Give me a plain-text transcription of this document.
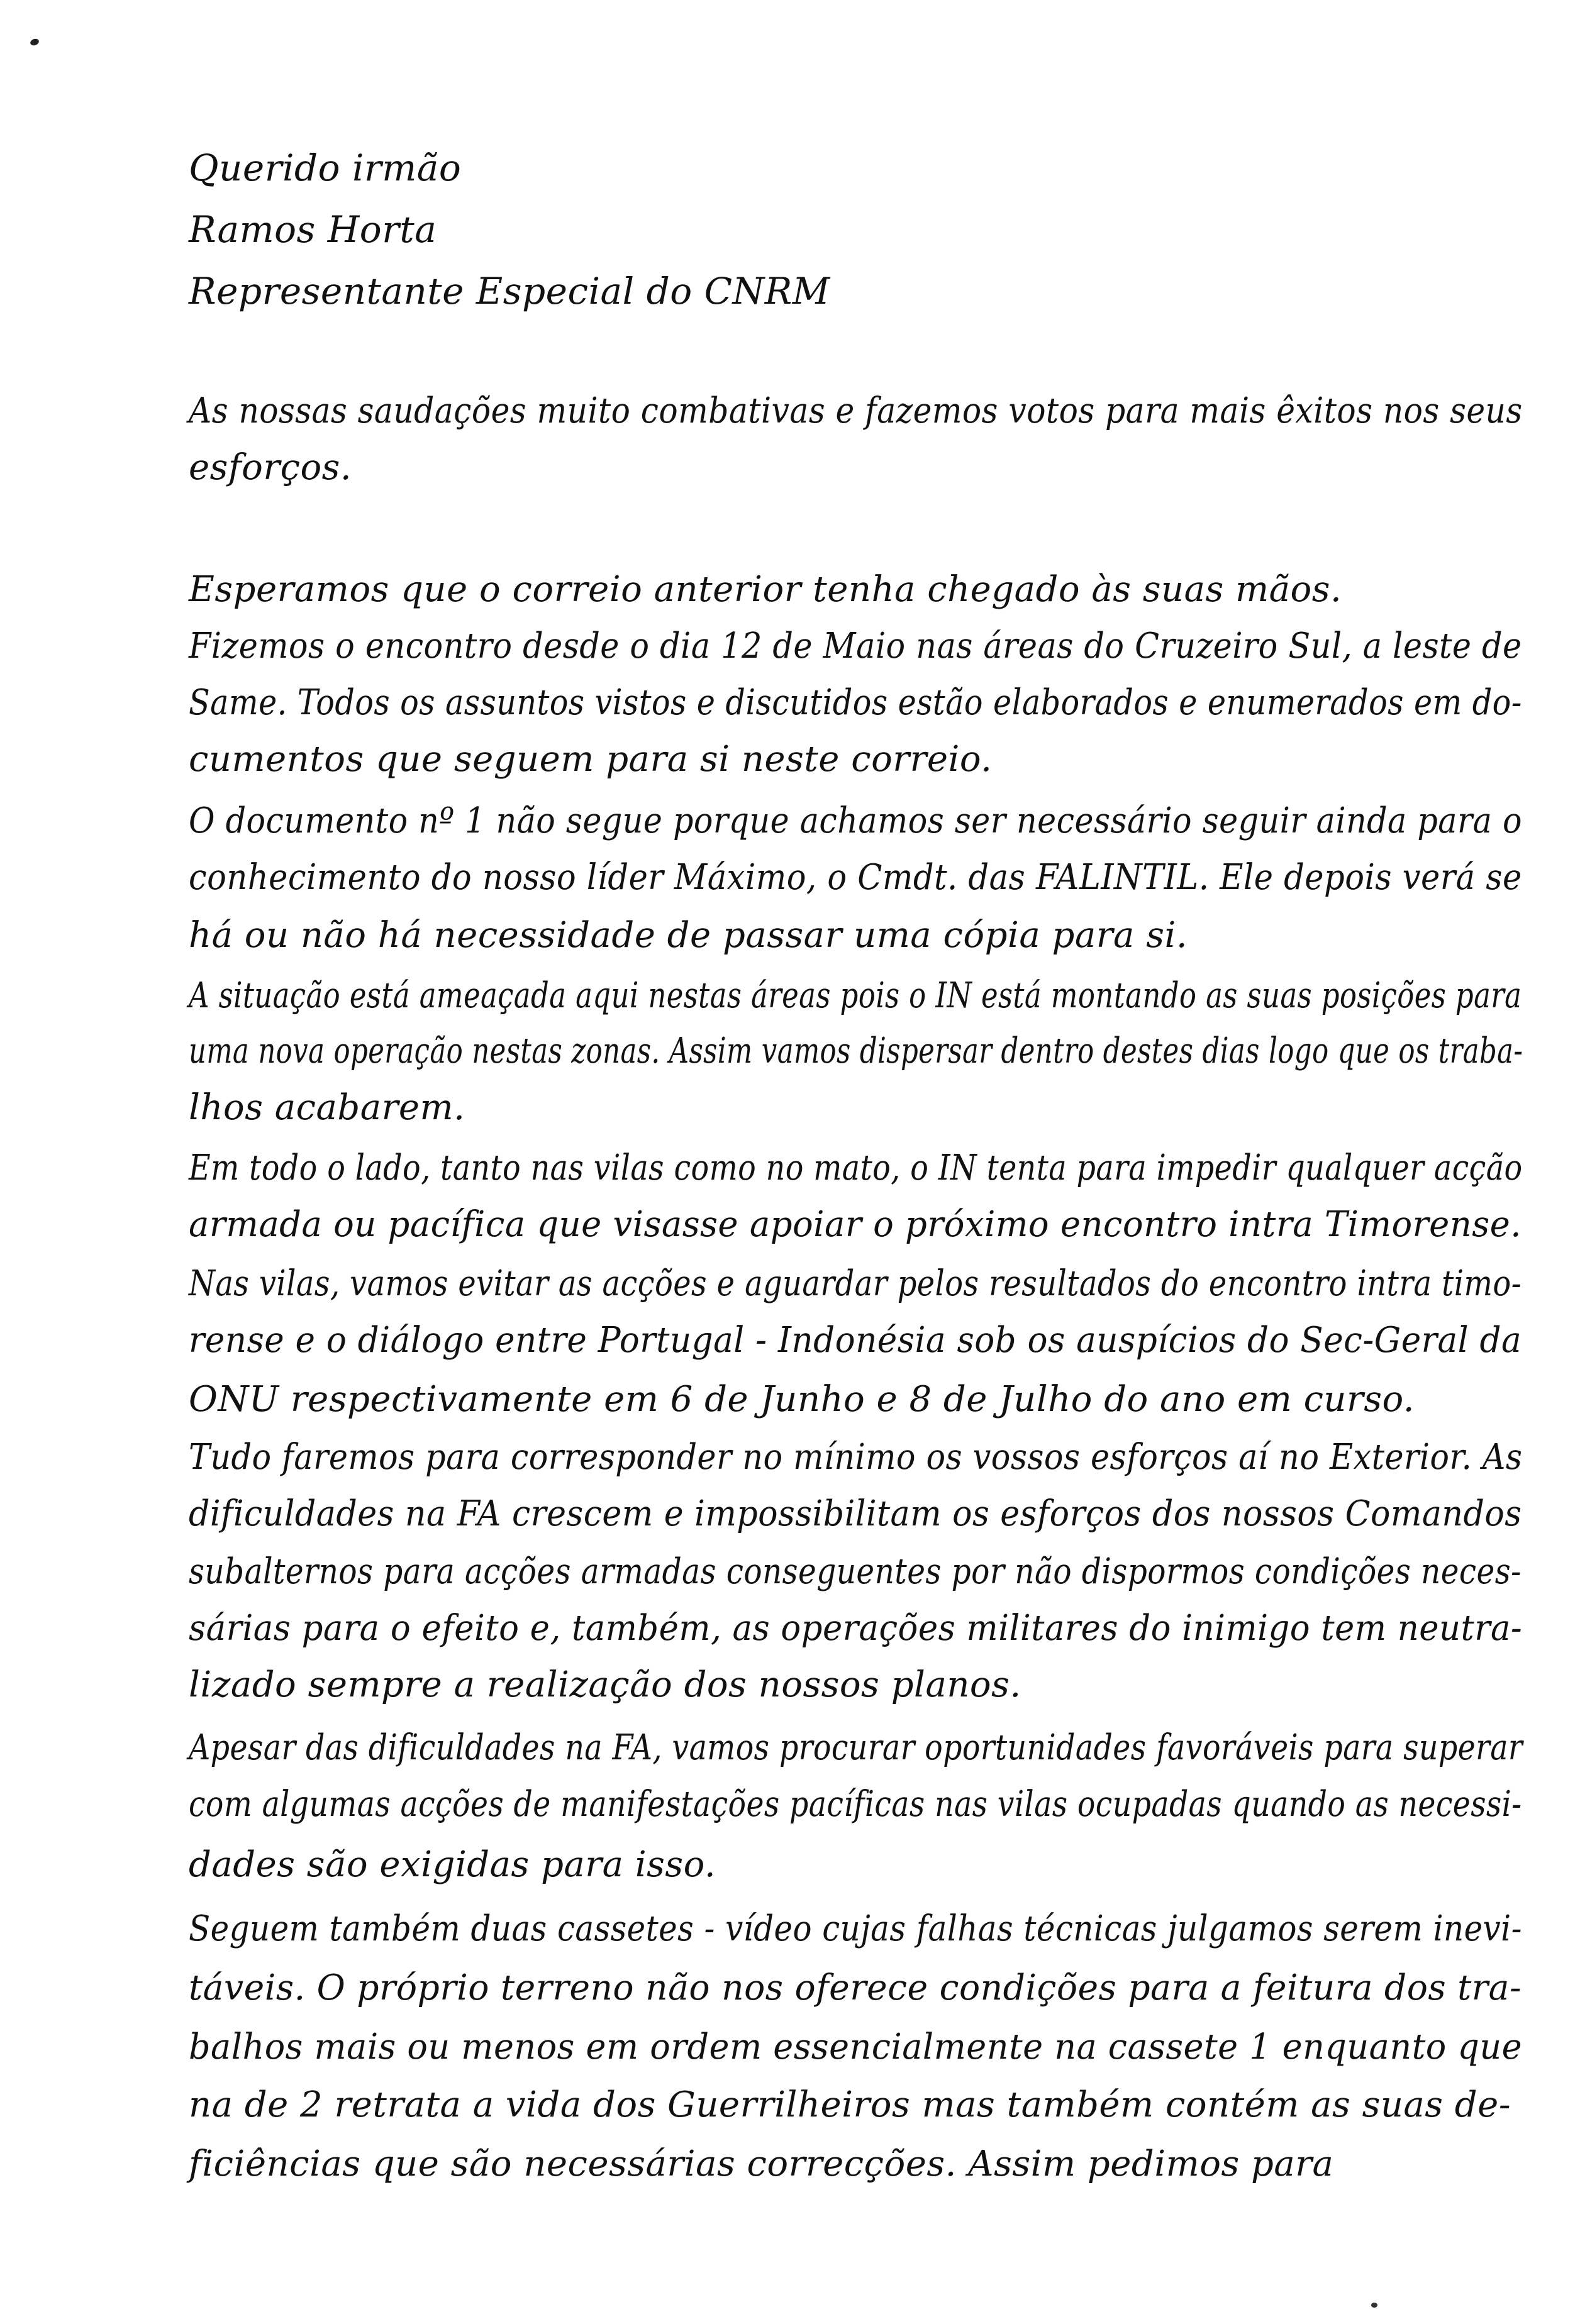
Querido irmão
Ramos Horta
Representante Especial do CNRM
As nossas saudações muito combativas e fazemos votos para mais êxitos nos seus
esforços.
Esperamos que o correio anterior tenha chegado às suas mãos.
Fizemos o encontro desde o dia 12 de Maio nas áreas do Cruzeiro Sul, a leste de
Same. Todos os assuntos vistos e discutidos estão elaborados e enumerados em do-
cumentos que seguem para si neste correio.
O documento nº 1 não segue porque achamos ser necessário seguir ainda para o
conhecimento do nosso líder Máximo, o Cmdt. das FALINTIL. Ele depois verá se
há ou não há necessidade de passar uma cópia para si.
A situação está ameaçada aqui nestas áreas pois o IN está montando as suas posições para
uma nova operação nestas zonas. Assim vamos dispersar dentro destes dias logo que os traba-
lhos acabarem.
Em todo o lado, tanto nas vilas como no mato, o IN tenta para impedir qualquer acção
armada ou pacífica que visasse apoiar o próximo encontro intra Timorense.
Nas vilas, vamos evitar as acções e aguardar pelos resultados do encontro intra timo-
rense e o diálogo entre Portugal - Indonésia sob os auspícios do Sec-Geral da
ONU respectivamente em 6 de Junho e 8 de Julho do ano em curso.
Tudo faremos para corresponder no mínimo os vossos esforços aí no Exterior. As
dificuldades na FA crescem e impossibilitam os esforços dos nossos Comandos
subalternos para acções armadas conseguentes por não dispormos condições neces-
sárias para o efeito e, também, as operações militares do inimigo tem neutra-
lizado sempre a realização dos nossos planos.
Apesar das dificuldades na FA, vamos procurar oportunidades favoráveis para superar
com algumas acções de manifestações pacíficas nas vilas ocupadas quando as necessi-
dades são exigidas para isso.
Seguem também duas cassetes - vídeo cujas falhas técnicas julgamos serem inevi-
táveis. O próprio terreno não nos oferece condições para a feitura dos tra-
balhos mais ou menos em ordem essencialmente na cassete 1 enquanto que
na de 2 retrata a vida dos Guerrilheiros mas também contém as suas de-
ficiências que são necessárias correcções. Assim pedimos para
